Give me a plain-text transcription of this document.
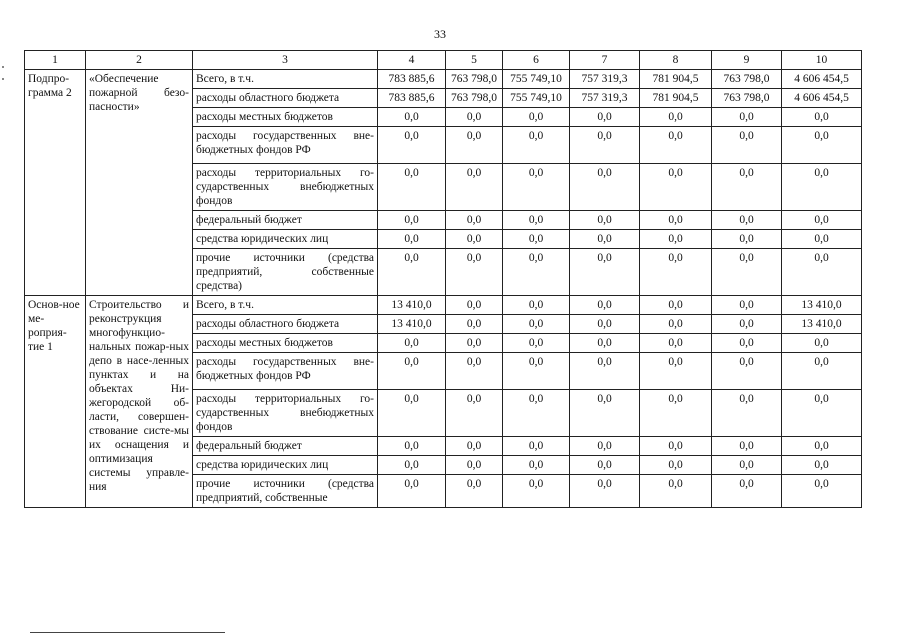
33
1	2	3	4	5	6	7	8	9	10
Подпро-грамма 2	«Обеспечение пожарной безо-пасности»	Всего, в т.ч.	783 885,6	763 798,0	755 749,10	757 319,3	781 904,5	763 798,0	4 606 454,5
		расходы областного бюджета	783 885,6	763 798,0	755 749,10	757 319,3	781 904,5	763 798,0	4 606 454,5
		расходы местных бюджетов	0,0	0,0	0,0	0,0	0,0	0,0	0,0
		расходы государственных вне-бюджетных фондов РФ	0,0	0,0	0,0	0,0	0,0	0,0	0,0
		расходы территориальных го-сударственных внебюджетных фондов	0,0	0,0	0,0	0,0	0,0	0,0	0,0
		федеральный бюджет	0,0	0,0	0,0	0,0	0,0	0,0	0,0
		средства юридических лиц	0,0	0,0	0,0	0,0	0,0	0,0	0,0
		прочие источники (средства предприятий, собственные средства)	0,0	0,0	0,0	0,0	0,0	0,0	0,0
Основ-ное ме-роприя-тие 1	Строительство и реконструкция многофункцио-нальных пожар-ных депо в насе-ленных пунктах и на объектах Ни-жегородской об-ласти, совершен-ствование систе-мы их оснащения и оптимизация системы управле-ния	Всего, в т.ч.	13 410,0	0,0	0,0	0,0	0,0	0,0	13 410,0
		расходы областного бюджета	13 410,0	0,0	0,0	0,0	0,0	0,0	13 410,0
		расходы местных бюджетов	0,0	0,0	0,0	0,0	0,0	0,0	0,0
		расходы государственных вне-бюджетных фондов РФ	0,0	0,0	0,0	0,0	0,0	0,0	0,0
		расходы территориальных го-сударственных внебюджетных фондов	0,0	0,0	0,0	0,0	0,0	0,0	0,0
		федеральный бюджет	0,0	0,0	0,0	0,0	0,0	0,0	0,0
		средства юридических лиц	0,0	0,0	0,0	0,0	0,0	0,0	0,0
		прочие источники (средства предприятий, собственные	0,0	0,0	0,0	0,0	0,0	0,0	0,0
